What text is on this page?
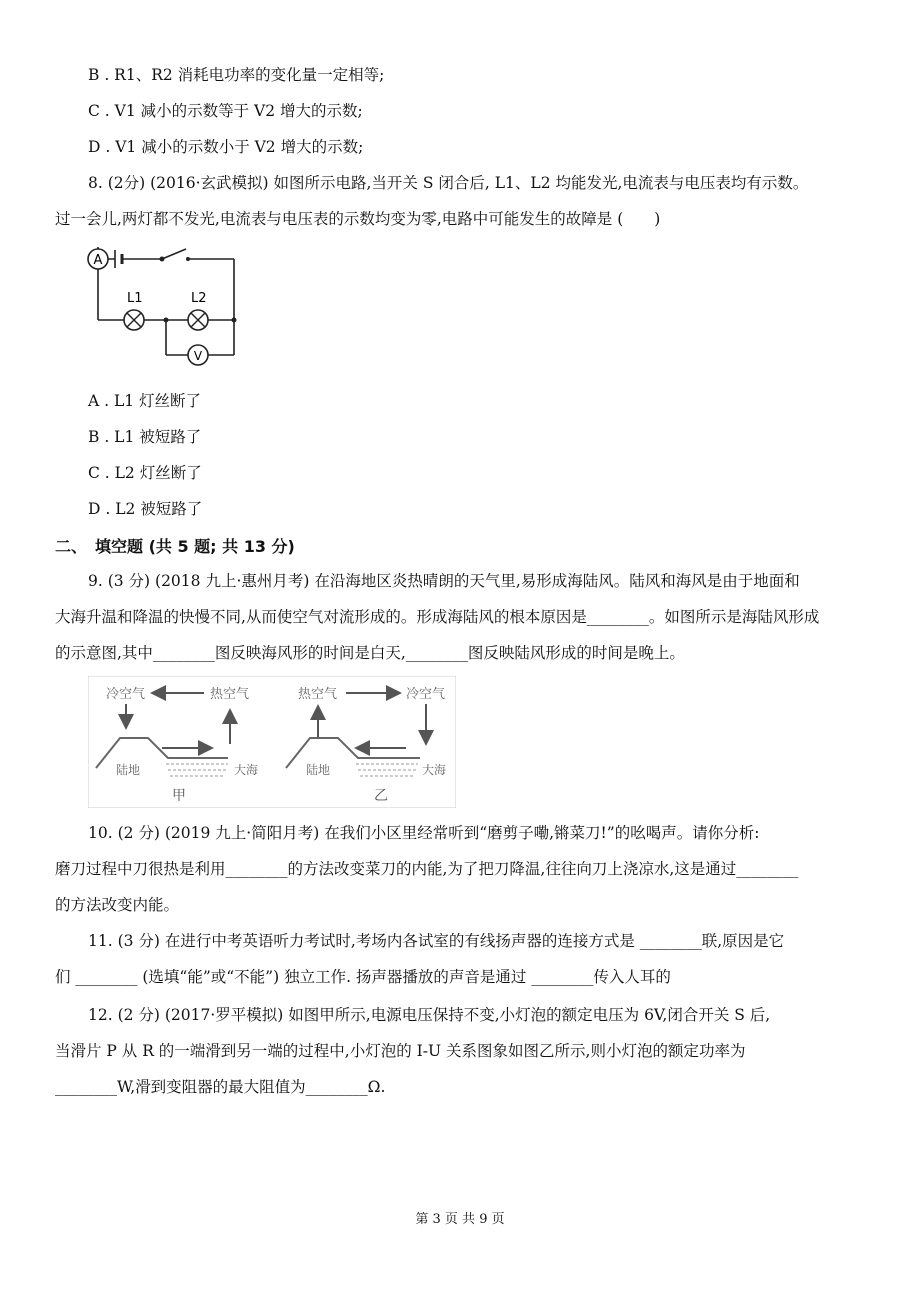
B . R1、R2 消耗电功率的变化量一定相等;
C . V1 减小的示数等于 V2 增大的示数;
D . V1 减小的示数小于 V2 增大的示数;
8. (2分) (2016·玄武模拟) 如图所示电路,当开关 S 闭合后, L1、L2 均能发光,电流表与电压表均有示数。
过一会儿,两灯都不发光,电流表与电压表的示数均变为零,电路中可能发生的故障是 (　　)
A
L1	L2
V
A . L1 灯丝断了
B . L1 被短路了
C . L2 灯丝断了
D . L2 被短路了
二、　填空题 (共 5 题; 共 13 分)
9. (3 分) (2018 九上·惠州月考) 在沿海地区炎热晴朗的天气里,易形成海陆风。陆风和海风是由于地面和
大海升温和降温的快慢不同,从而使空气对流形成的。形成海陆风的根本原因是________。如图所示是海陆风形成
的示意图,其中________图反映海风形的时间是白天,________图反映陆风形成的时间是晚上。
冷空气	热空气
陆地	大海
甲
热空气	冷空气
陆地	大海
乙
10. (2 分) (2019 九上·简阳月考) 在我们小区里经常听到“磨剪子嘞,锵菜刀!”的吆喝声。请你分析:
磨刀过程中刀很热是利用________的方法改变菜刀的内能,为了把刀降温,往往向刀上浇凉水,这是通过________
的方法改变内能。
11. (3 分) 在进行中考英语听力考试时,考场内各试室的有线扬声器的连接方式是 ________联,原因是它
们 ________ (选填“能”或“不能”) 独立工作. 扬声器播放的声音是通过 ________传入人耳的
12. (2 分) (2017·罗平模拟) 如图甲所示,电源电压保持不变,小灯泡的额定电压为 6V,闭合开关 S 后,
当滑片 P 从 R 的一端滑到另一端的过程中,小灯泡的 I-U 关系图象如图乙所示,则小灯泡的额定功率为
________W,滑到变阻器的最大阻值为________Ω.
第 3 页 共 9 页
